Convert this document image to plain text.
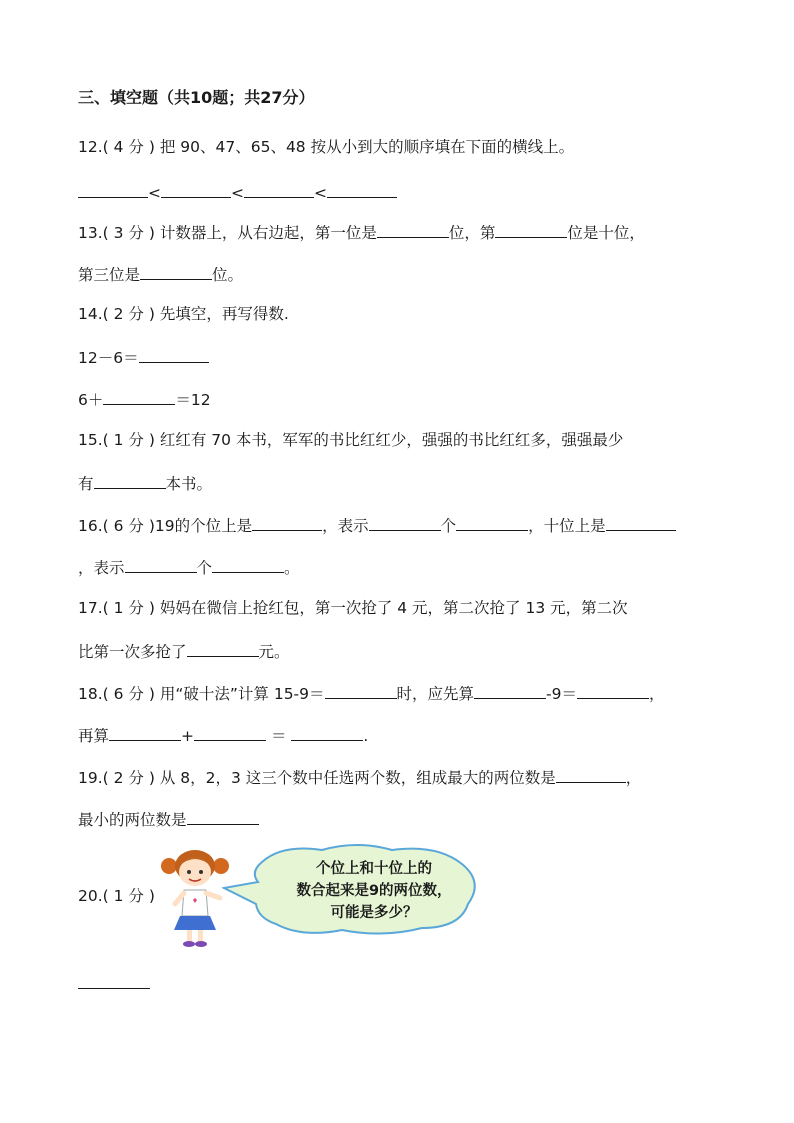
三、填空题（共10题；共27分）
12.( 4 分 ) 把 90、47、65、48 按从小到大的顺序填在下面的横线上。
<	<	<
13.( 3 分 ) 计数器上，从右边起，第一位是	位，第	位是十位，
第三位是	位。
14.( 2 分 ) 先填空，再写得数.
12－6＝
6＋	＝12
15.( 1 分 ) 红红有 70 本书，军军的书比红红少，强强的书比红红多，强强最少
有	本书。
16.( 6 分 )19的个位上是	，表示	个	，十位上是
，表示	个	。
17.( 1 分 ) 妈妈在微信上抢红包，第一次抢了 4 元，第二次抢了 13 元，第二次
比第一次多抢了	元。
18.( 6 分 ) 用“破十法”计算 15-9＝	时，应先算	-9＝	，
再算	+	＝	.
19.( 2 分 ) 从 8，2，3 这三个数中任选两个数，组成最大的两位数是	，
最小的两位数是
20.( 1 分 )
个位上和十位上的
数合起来是9的两位数，
可能是多少？
